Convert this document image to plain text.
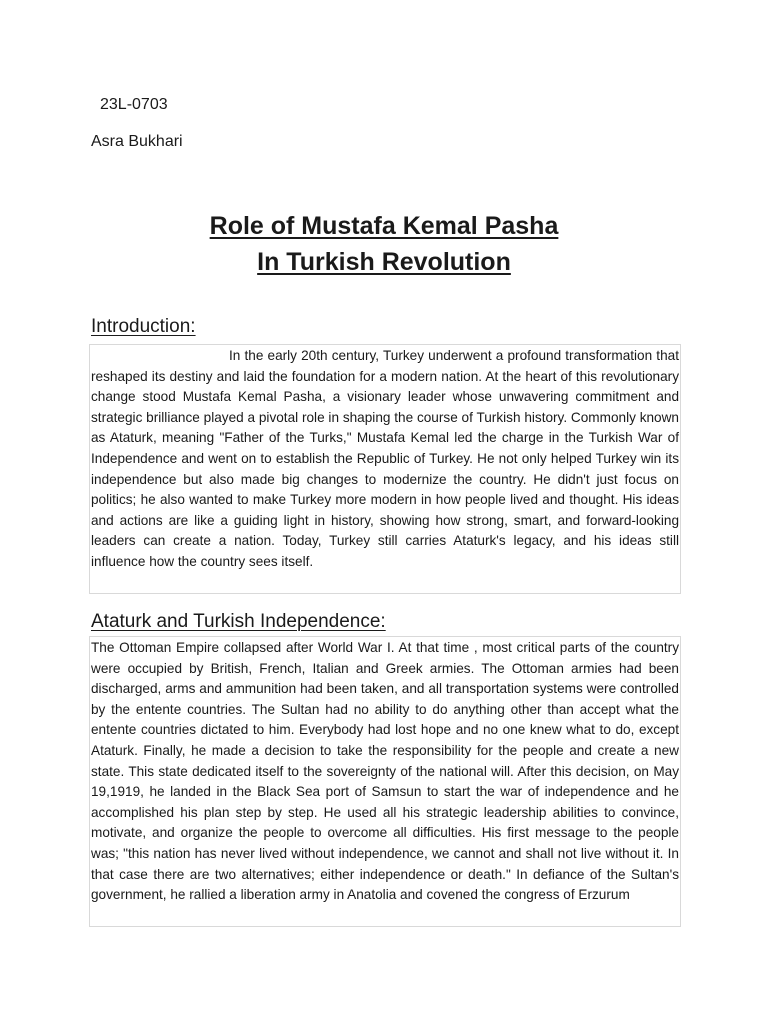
23L-0703
Asra Bukhari
Role of Mustafa Kemal Pasha
In Turkish Revolution
Introduction:

In the early 20th century, Turkey underwent a profound transformation that reshaped its destiny and laid the foundation for a modern nation. At the heart of this revolutionary change stood Mustafa Kemal Pasha, a visionary leader whose unwavering commitment and strategic brilliance played a pivotal role in shaping the course of Turkish history. Commonly known as Ataturk, meaning "Father of the Turks," Mustafa Kemal led the charge in the Turkish War of Independence and went on to establish the Republic of Turkey. He not only helped Turkey win its independence but also made big changes to modernize the country. He didn't just focus on politics; he also wanted to make Turkey more modern in how people lived and thought. His ideas and actions are like a guiding light in history, showing how strong, smart, and forward-looking leaders can create a nation. Today, Turkey still carries Ataturk's legacy, and his ideas still influence how the country sees itself.

Ataturk and Turkish Independence:

The Ottoman Empire collapsed after World War I. At that time , most critical parts of the country were occupied by British, French, Italian and Greek armies. The Ottoman armies had been discharged, arms and ammunition had been taken, and all transportation systems were controlled by the entente countries. The Sultan had no ability to do anything other than accept what the entente countries dictated to him. Everybody had lost hope and no one knew what to do, except Ataturk. Finally, he made a decision to take the responsibility for the people and create a new state. This state dedicated itself to the sovereignty of the national will. After this decision, on May 19,1919, he landed in the Black Sea port of Samsun to start the war of independence and he accomplished his plan step by step. He used all his strategic leadership abilities to convince, motivate, and organize the people to overcome all difficulties. His first message to the people was; "this nation has never lived without independence, we cannot and shall not live without it. In that case there are two alternatives; either independence or death." In defiance of the Sultan's government, he rallied a liberation army in Anatolia and covened the congress of Erzurum
